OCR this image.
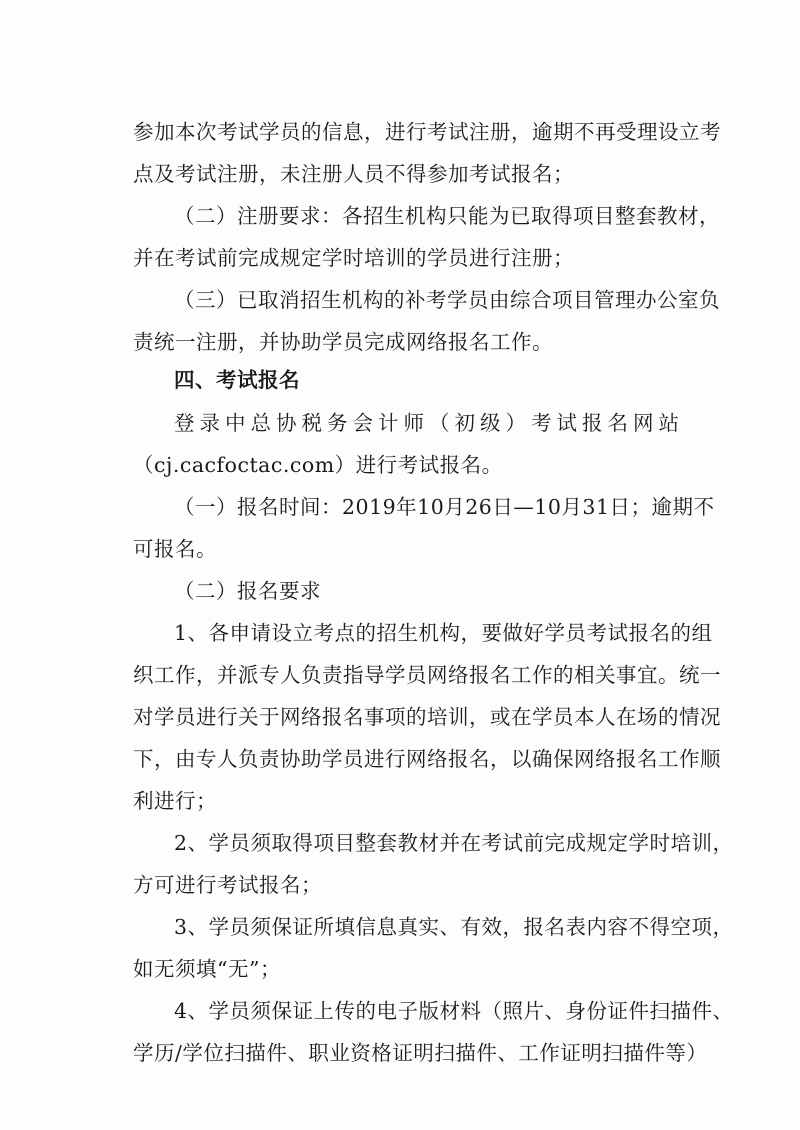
参加本次考试学员的信息，进行考试注册，逾期不再受理设立考
点及考试注册，未注册人员不得参加考试报名；
（二）注册要求：各招生机构只能为已取得项目整套教材，
并在考试前完成规定学时培训的学员进行注册；
（三）已取消招生机构的补考学员由综合项目管理办公室负
责统一注册，并协助学员完成网络报名工作。
四、考试报名
登录中总协税务会计师（初级）考试报名网站
（cj.cacfoctac.com）进行考试报名。
（一）报名时间：2019年10月26日—10月31日；逾期不
可报名。
（二）报名要求
1、各申请设立考点的招生机构，要做好学员考试报名的组
织工作，并派专人负责指导学员网络报名工作的相关事宜。统一
对学员进行关于网络报名事项的培训，或在学员本人在场的情况
下，由专人负责协助学员进行网络报名，以确保网络报名工作顺
利进行；
2、学员须取得项目整套教材并在考试前完成规定学时培训，
方可进行考试报名；
3、学员须保证所填信息真实、有效，报名表内容不得空项，
如无须填“无”；
4、学员须保证上传的电子版材料（照片、身份证件扫描件、
学历/学位扫描件、职业资格证明扫描件、工作证明扫描件等）
